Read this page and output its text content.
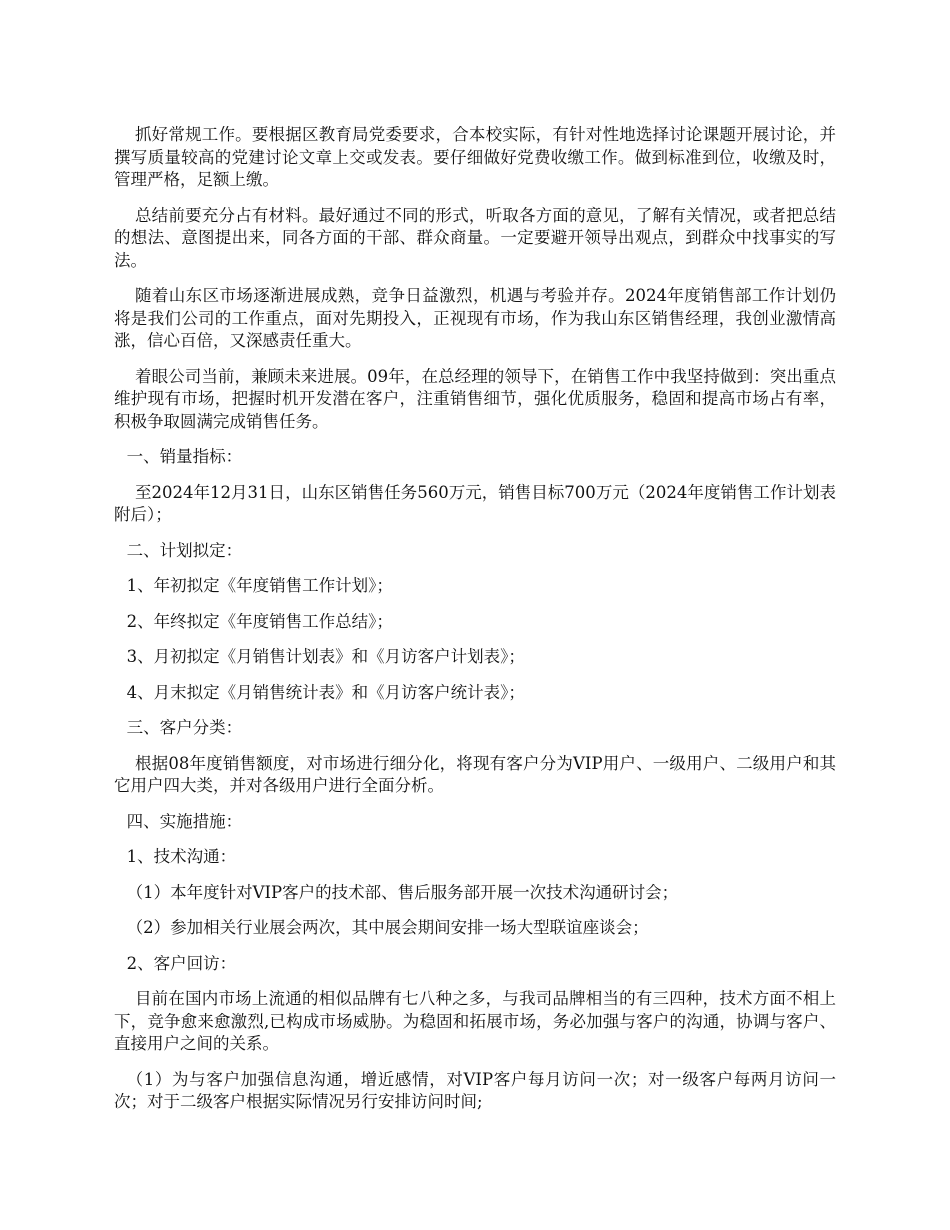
抓好常规工作。要根据区教育局党委要求，合本校实际，有针对性地选择讨论课题开展讨论，并撰写质量较高的党建讨论文章上交或发表。要仔细做好党费收缴工作。做到标准到位，收缴及时，管理严格，足额上缴。

总结前要充分占有材料。最好通过不同的形式，听取各方面的意见，了解有关情况，或者把总结的想法、意图提出来，同各方面的干部、群众商量。一定要避开领导出观点，到群众中找事实的写法。

随着山东区市场逐渐进展成熟，竞争日益激烈，机遇与考验并存。2024年度销售部工作计划仍将是我们公司的工作重点，面对先期投入，正视现有市场，作为我山东区销售经理，我创业激情高涨，信心百倍，又深感责任重大。

着眼公司当前，兼顾未来进展。09年，在总经理的领导下，在销售工作中我坚持做到：突出重点维护现有市场，把握时机开发潜在客户，注重销售细节，强化优质服务，稳固和提高市场占有率，积极争取圆满完成销售任务。

一、销量指标：

至2024年12月31日，山东区销售任务560万元，销售目标700万元（2024年度销售工作计划表附后）；

二、计划拟定：

1、年初拟定《年度销售工作计划》；

2、年终拟定《年度销售工作总结》；

3、月初拟定《月销售计划表》和《月访客户计划表》；

4、月末拟定《月销售统计表》和《月访客户统计表》；

三、客户分类：

根据08年度销售额度，对市场进行细分化，将现有客户分为VIP用户、一级用户、二级用户和其它用户四大类，并对各级用户进行全面分析。

四、实施措施：

1、技术沟通：

（1）本年度针对VIP客户的技术部、售后服务部开展一次技术沟通研讨会；

（2）参加相关行业展会两次，其中展会期间安排一场大型联谊座谈会；

2、客户回访：

目前在国内市场上流通的相似品牌有七八种之多，与我司品牌相当的有三四种，技术方面不相上下，竞争愈来愈激烈,已构成市场威胁。为稳固和拓展市场，务必加强与客户的沟通，协调与客户、直接用户之间的关系。

（1）为与客户加强信息沟通，增近感情，对VIP客户每月访问一次；对一级客户每两月访问一次；对于二级客户根据实际情况另行安排访问时间;
